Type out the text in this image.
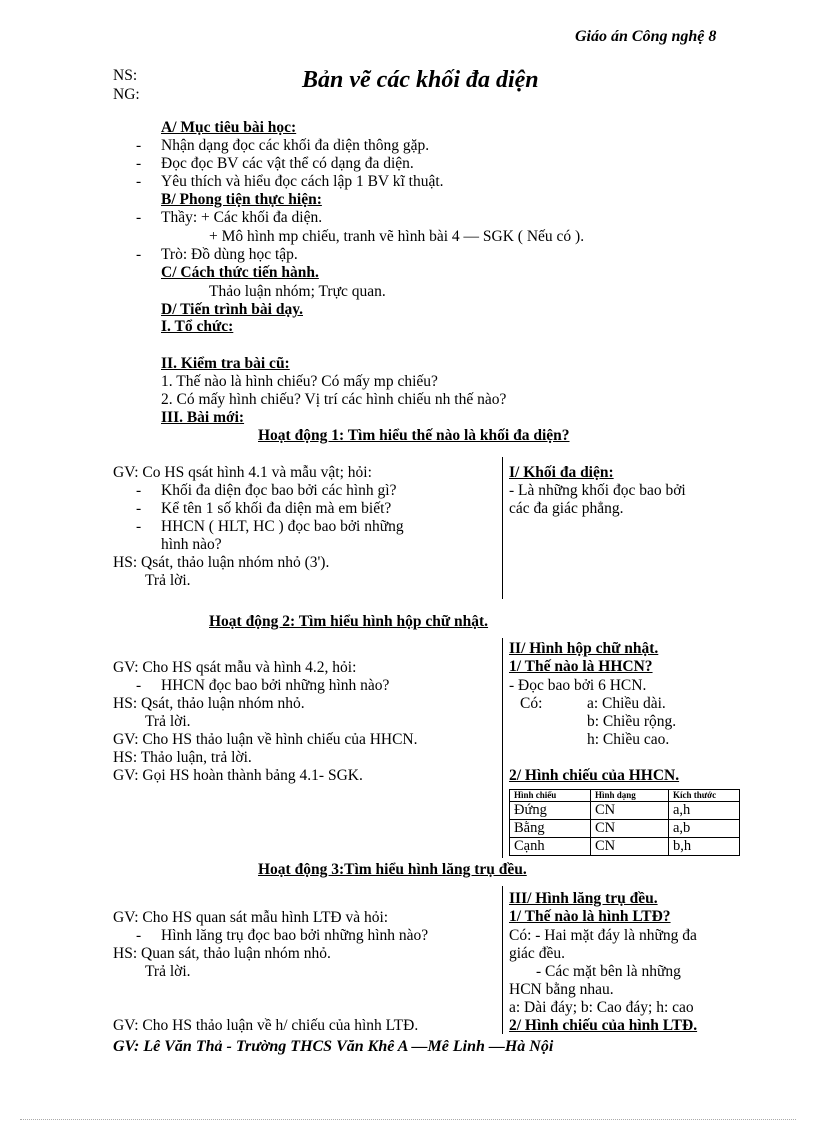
Giáo án Công nghệ 8
NS:
NG:
Bản vẽ các khối đa diện
A/ Mục tiêu bài học:
- Nhận dạng đọc các khối đa diện thông gặp.
- Đọc đọc BV các vật thể có dạng đa diện.
- Yêu thích và hiểu đọc cách lập 1 BV kĩ thuật.
B/ Phong tiện thực hiện:
- Thầy: + Các khối đa diện.
+ Mô hình mp chiếu, tranh vẽ hình bài 4 — SGK ( Nếu có ).
- Trò: Đồ dùng học tập.
C/ Cách thức tiến hành.
Thảo luận nhóm; Trực quan.
D/ Tiến trình bài dạy.
I. Tổ chức:
II. Kiểm tra bài cũ:
1. Thế nào là hình chiếu? Có mấy mp chiếu?
2. Có mấy hình chiếu? Vị trí các hình chiếu nh thế nào?
III. Bài mới:
Hoạt động 1: Tìm hiểu thế nào là khối đa diện?
GV: Co HS qsát hình 4.1 và mẫu vật; hỏi:
- Khối đa diện đọc bao bởi các hình gì?
- Kể tên 1 số khối đa diện mà em biết?
- HHCN ( HLT, HC ) đọc bao bởi những
hình nào?
HS: Qsát, thảo luận nhóm nhỏ (3').
Trả lời.
I/ Khối đa diện:
- Là những khối đọc bao bởi
các đa giác phẳng.
Hoạt động 2: Tìm hiểu hình hộp chữ nhật.
GV: Cho HS qsát mẫu và hình 4.2, hỏi:
- HHCN đọc bao bởi những hình nào?
HS: Qsát, thảo luận nhóm nhỏ.
Trả lời.
GV: Cho HS thảo luận về hình chiếu của HHCN.
HS: Thảo luận, trả lời.
GV: Gọi HS hoàn thành bảng 4.1- SGK.
II/ Hình hộp chữ nhật.
1/ Thế nào là HHCN?
- Đọc bao bởi 6 HCN.
Có:	a: Chiều dài.
b: Chiều rộng.
h: Chiều cao.
2/ Hình chiếu của HHCN.
Hình chiếu	Hình dạng	Kích thước
Đứng	CN	a,h
Bằng	CN	a,b
Cạnh	CN	b,h
Hoạt động 3:Tìm hiểu hình lăng trụ đều.
GV: Cho HS quan sát mẫu hình LTĐ và hỏi:
- Hình lăng trụ đọc bao bởi những hình nào?
HS: Quan sát, thảo luận nhóm nhỏ.
Trả lời.
GV: Cho HS thảo luận về h/ chiếu của hình LTĐ.
III/ Hình lăng trụ đều.
1/ Thế nào là hình LTĐ?
Có: - Hai mặt đáy là những đa
giác đều.
- Các mặt bên là những
HCN bằng nhau.
a: Dài đáy; b: Cao đáy; h: cao
2/ Hình chiếu của hình LTĐ.
GV: Lê Văn Thả - Trường THCS Văn Khê A —Mê Linh —Hà Nội
